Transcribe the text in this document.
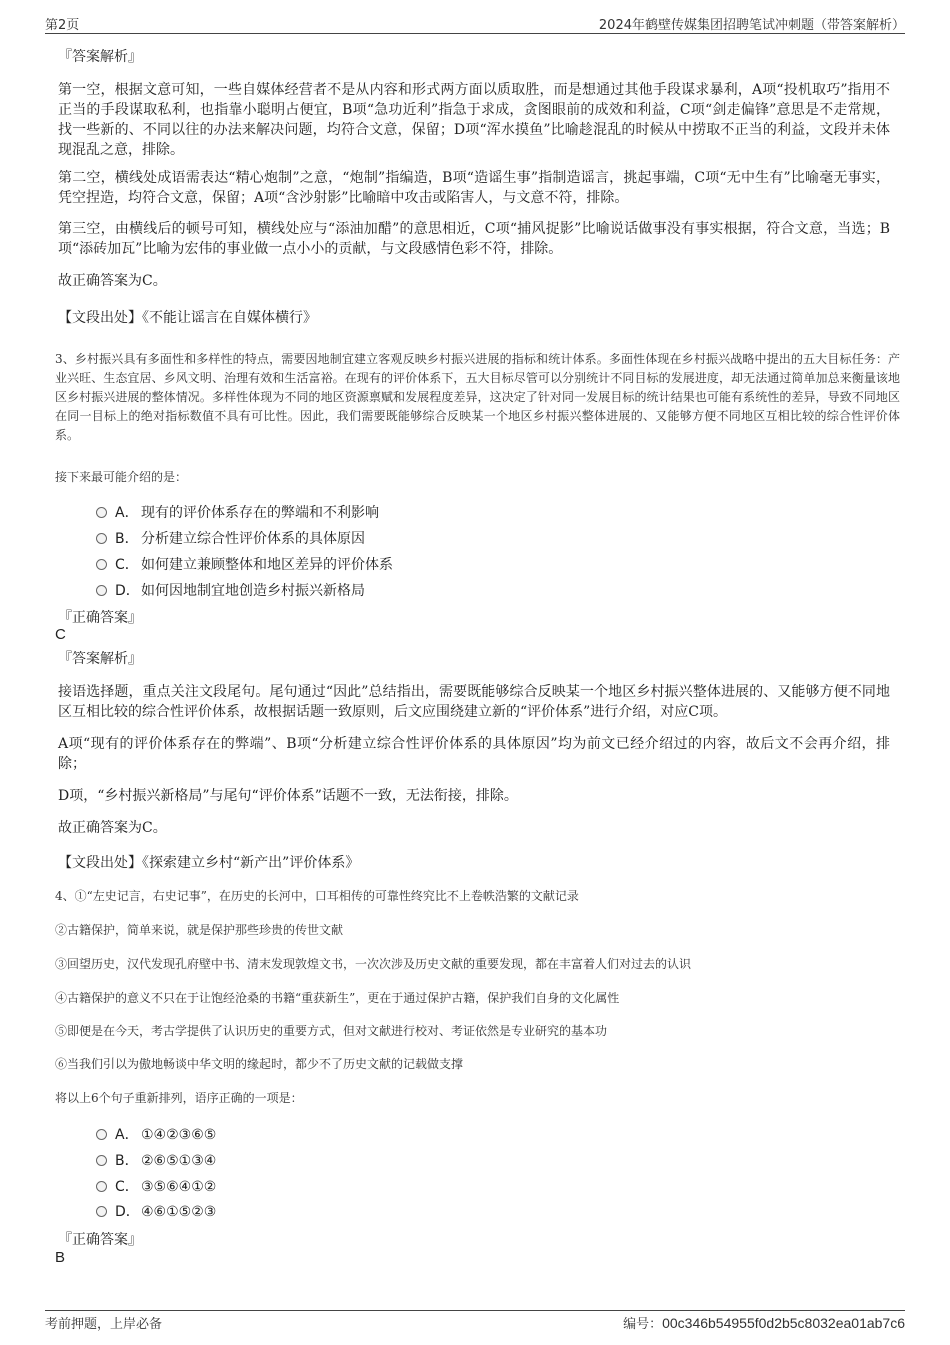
第2页	2024年鹤壁传媒集团招聘笔试冲刺题（带答案解析）
『答案解析』

第一空，根据文意可知，一些自媒体经营者不是从内容和形式两方面以质取胜，而是想通过其他手段谋求暴利，A项“投机取巧”指用不正当的手段谋取私利，也指靠小聪明占便宜，B项“急功近利”指急于求成，贪图眼前的成效和利益，C项“剑走偏锋”意思是不走常规，找一些新的、不同以往的办法来解决问题，均符合文意，保留；D项“浑水摸鱼”比喻趁混乱的时候从中捞取不正当的利益，文段并未体现混乱之意，排除。

第二空，横线处成语需表达“精心炮制”之意，“炮制”指编造，B项“造谣生事”指制造谣言，挑起事端，C项“无中生有”比喻毫无事实，凭空捏造，均符合文意，保留；A项“含沙射影”比喻暗中攻击或陷害人，与文意不符，排除。

第三空，由横线后的顿号可知，横线处应与“添油加醋”的意思相近，C项“捕风捉影”比喻说话做事没有事实根据，符合文意，当选；B项“添砖加瓦”比喻为宏伟的事业做一点小小的贡献，与文段感情色彩不符，排除。

故正确答案为C。

【文段出处】《不能让谣言在自媒体横行》

3、乡村振兴具有多面性和多样性的特点，需要因地制宜建立客观反映乡村振兴进展的指标和统计体系。多面性体现在乡村振兴战略中提出的五大目标任务：产业兴旺、生态宜居、乡风文明、治理有效和生活富裕。在现有的评价体系下，五大目标尽管可以分别统计不同目标的发展进度，却无法通过简单加总来衡量该地区乡村振兴进展的整体情况。多样性体现为不同的地区资源禀赋和发展程度差异，这决定了针对同一发展目标的统计结果也可能有系统性的差异，导致不同地区在同一目标上的绝对指标数值不具有可比性。因此，我们需要既能够综合反映某一个地区乡村振兴整体进展的、又能够方便不同地区互相比较的综合性评价体系。

接下来最可能介绍的是：
A． 现有的评价体系存在的弊端和不利影响
B． 分析建立综合性评价体系的具体原因
C． 如何建立兼顾整体和地区差异的评价体系
D．如何因地制宜地创造乡村振兴新格局
『正确答案』
C
『答案解析』

接语选择题，重点关注文段尾句。尾句通过“因此”总结指出，需要既能够综合反映某一个地区乡村振兴整体进展的、又能够方便不同地区互相比较的综合性评价体系，故根据话题一致原则，后文应围绕建立新的“评价体系”进行介绍，对应C项。

A项“现有的评价体系存在的弊端”、B项“分析建立综合性评价体系的具体原因”均为前文已经介绍过的内容，故后文不会再介绍，排除；

D项，“乡村振兴新格局”与尾句“评价体系”话题不一致，无法衔接，排除。

故正确答案为C。

【文段出处】《探索建立乡村“新产出”评价体系》
4、①“左史记言，右史记事”，在历史的长河中，口耳相传的可靠性终究比不上卷帙浩繁的文献记录
②古籍保护，简单来说，就是保护那些珍贵的传世文献
③回望历史，汉代发现孔府壁中书、清末发现敦煌文书，一次次涉及历史文献的重要发现，都在丰富着人们对过去的认识
④古籍保护的意义不只在于让饱经沧桑的书籍“重获新生”，更在于通过保护古籍，保护我们自身的文化属性
⑤即便是在今天，考古学提供了认识历史的重要方式，但对文献进行校对、考证依然是专业研究的基本功
⑥当我们引以为傲地畅谈中华文明的缘起时，都少不了历史文献的记载做支撑
将以上6个句子重新排列，语序正确的一项是：
A． ①④②③⑥⑤
B． ②⑥⑤①③④
C． ③⑤⑥④①②
D．④⑥①⑤②③
『正确答案』
B
考前押题，上岸必备	编号：00c346b54955f0d2b5c8032ea01ab7c6
